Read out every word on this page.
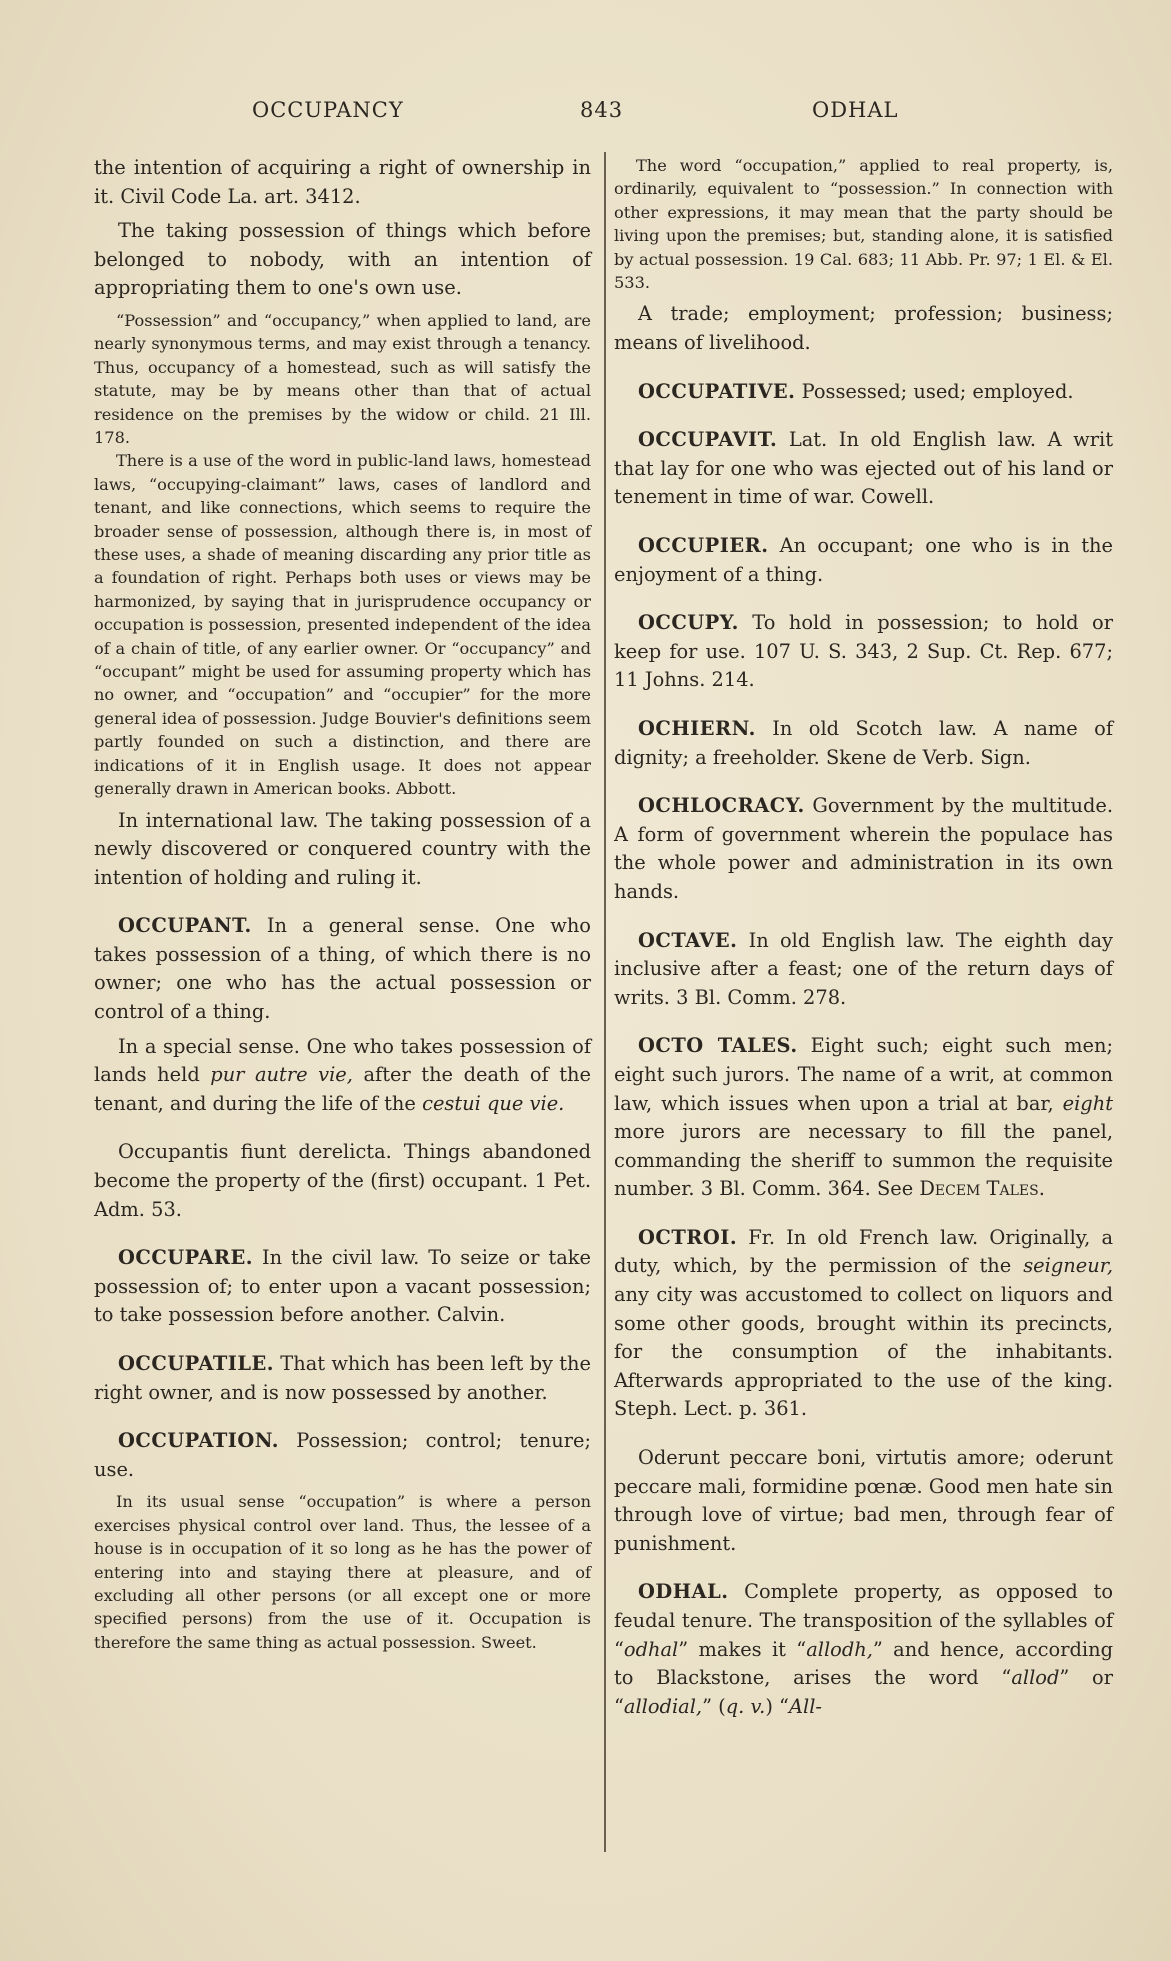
OCCUPANCY	843	ODHAL

the intention of acquiring a right of ownership in it. Civil Code La. art. 3412.

The taking possession of things which before belonged to nobody, with an intention of appropriating them to one's own use.

“Possession” and “occupancy,” when applied to land, are nearly synonymous terms, and may exist through a tenancy. Thus, occupancy of a homestead, such as will satisfy the statute, may be by means other than that of actual residence on the premises by the widow or child. 21 Ill. 178.

There is a use of the word in public-land laws, homestead laws, “occupying-claimant” laws, cases of landlord and tenant, and like connections, which seems to require the broader sense of possession, although there is, in most of these uses, a shade of meaning discarding any prior title as a foundation of right. Perhaps both uses or views may be harmonized, by saying that in jurisprudence occupancy or occupation is possession, presented independent of the idea of a chain of title, of any earlier owner. Or “occupancy” and “occupant” might be used for assuming property which has no owner, and “occupation” and “occupier” for the more general idea of possession. Judge Bouvier's definitions seem partly founded on such a distinction, and there are indications of it in English usage. It does not appear generally drawn in American books. Abbott.

In international law. The taking possession of a newly discovered or conquered country with the intention of holding and ruling it.

OCCUPANT. In a general sense. One who takes possession of a thing, of which there is no owner; one who has the actual possession or control of a thing.

In a special sense. One who takes possession of lands held pur autre vie, after the death of the tenant, and during the life of the cestui que vie.

Occupantis fiunt derelicta. Things abandoned become the property of the (first) occupant. 1 Pet. Adm. 53.

OCCUPARE. In the civil law. To seize or take possession of; to enter upon a vacant possession; to take possession before another. Calvin.

OCCUPATILE. That which has been left by the right owner, and is now possessed by another.

OCCUPATION. Possession; control; tenure; use.

In its usual sense “occupation” is where a person exercises physical control over land. Thus, the lessee of a house is in occupation of it so long as he has the power of entering into and staying there at pleasure, and of excluding all other persons (or all except one or more specified persons) from the use of it. Occupation is therefore the same thing as actual possession. Sweet.

The word “occupation,” applied to real property, is, ordinarily, equivalent to “possession.” In connection with other expressions, it may mean that the party should be living upon the premises; but, standing alone, it is satisfied by actual possession. 19 Cal. 683; 11 Abb. Pr. 97; 1 El. & El. 533.

A trade; employment; profession; business; means of livelihood.

OCCUPATIVE. Possessed; used; employed.

OCCUPAVIT. Lat. In old English law. A writ that lay for one who was ejected out of his land or tenement in time of war. Cowell.

OCCUPIER. An occupant; one who is in the enjoyment of a thing.

OCCUPY. To hold in possession; to hold or keep for use. 107 U. S. 343, 2 Sup. Ct. Rep. 677; 11 Johns. 214.

OCHIERN. In old Scotch law. A name of dignity; a freeholder. Skene de Verb. Sign.

OCHLOCRACY. Government by the multitude. A form of government wherein the populace has the whole power and administration in its own hands.

OCTAVE. In old English law. The eighth day inclusive after a feast; one of the return days of writs. 3 Bl. Comm. 278.

OCTO TALES. Eight such; eight such men; eight such jurors. The name of a writ, at common law, which issues when upon a trial at bar, eight more jurors are necessary to fill the panel, commanding the sheriff to summon the requisite number. 3 Bl. Comm. 364. See Decem Tales.

OCTROI. Fr. In old French law. Originally, a duty, which, by the permission of the seigneur, any city was accustomed to collect on liquors and some other goods, brought within its precincts, for the consumption of the inhabitants. Afterwards appropriated to the use of the king. Steph. Lect. p. 361.

Oderunt peccare boni, virtutis amore; oderunt peccare mali, formidine pœnæ. Good men hate sin through love of virtue; bad men, through fear of punishment.

ODHAL. Complete property, as opposed to feudal tenure. The transposition of the syllables of “odhal” makes it “allodh,” and hence, according to Blackstone, arises the word “allod” or “allodial,” (q. v.) “All-
